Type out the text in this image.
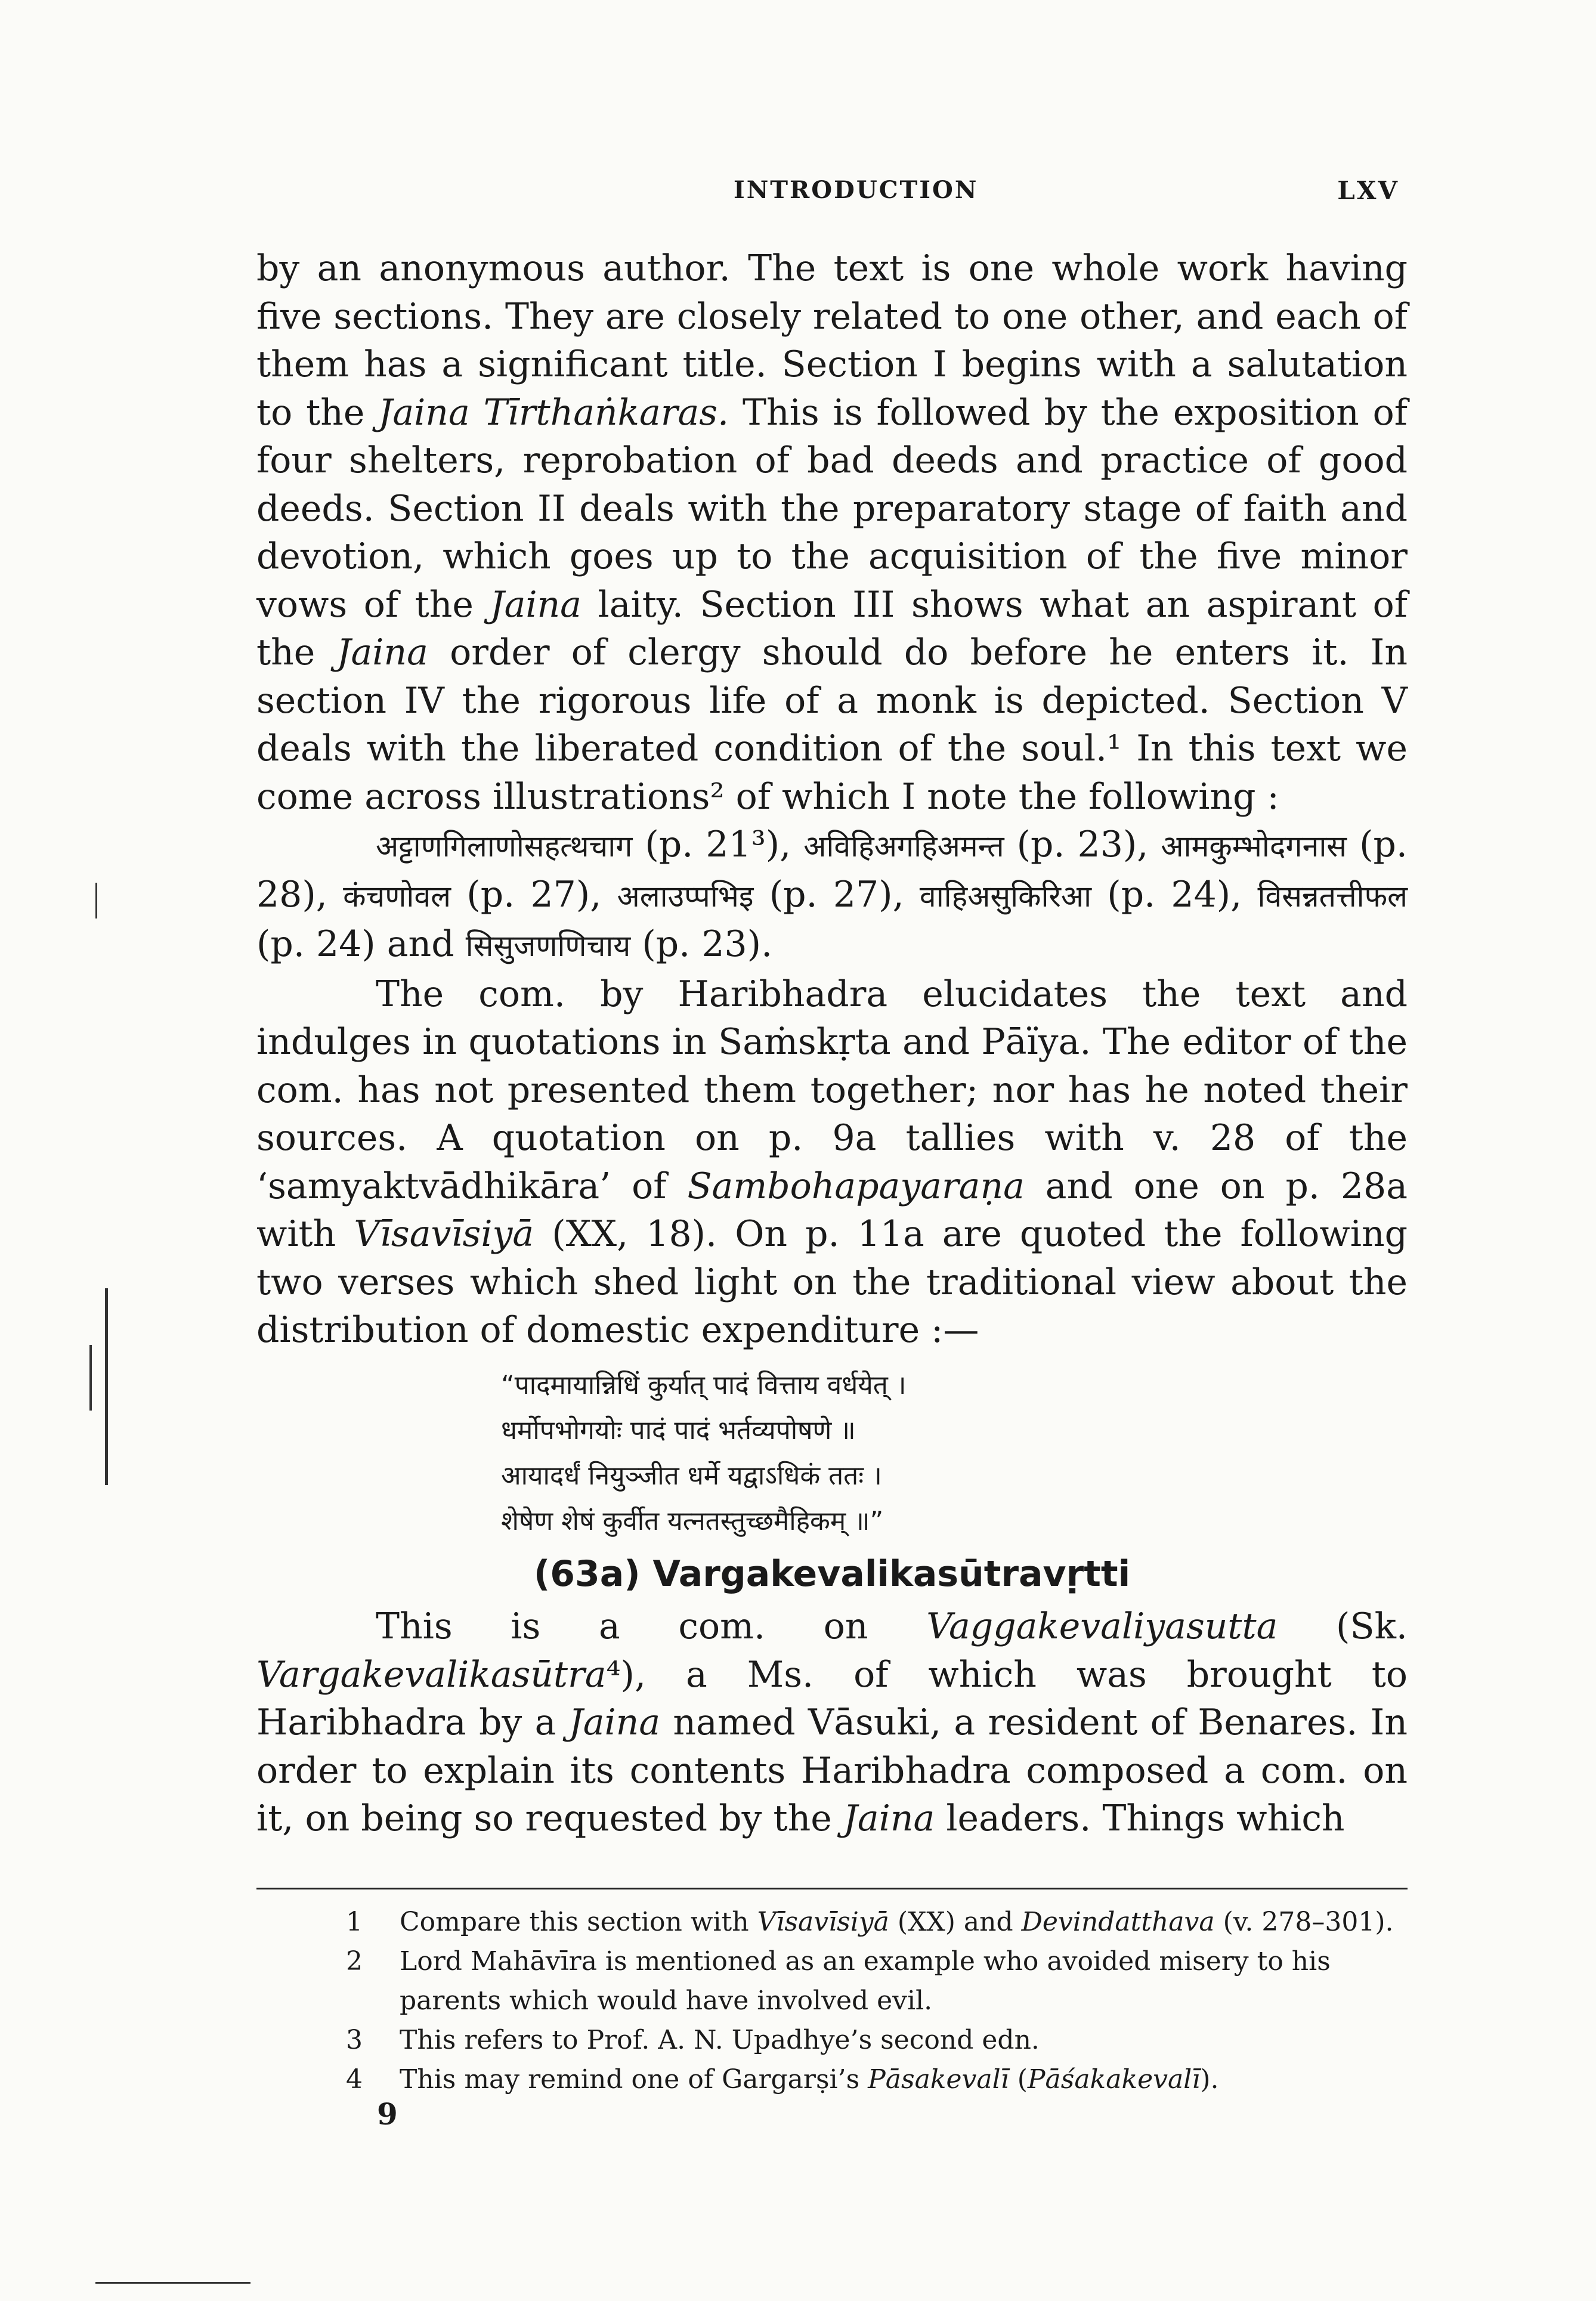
INTRODUCTION	LXV

by an anonymous author. The text is one whole work having five sections. They are closely related to one other, and each of them has a significant title. Section I begins with a salutation to the Jaina Tīrthaṅkaras. This is followed by the exposition of four shelters, reprobation of bad deeds and practice of good deeds. Section II deals with the preparatory stage of faith and devotion, which goes up to the acquisition of the five minor vows of the Jaina laity. Section III shows what an aspirant of the Jaina order of clergy should do before he enters it. In section IV the rigorous life of a monk is depicted. Section V deals with the liberated condition of the soul.¹ In this text we come across illustrations² of which I note the following :

अट्टाणगिलाणोसहत्थचाग (p. 21³), अविहिअगहिअमन्त (p. 23), आमकुम्भोदगनास (p. 28), कंचणोवल (p. 27), अलाउप्पभिइ (p. 27), वाहिअसुकिरिआ (p. 24), विसन्नतत्तीफल (p. 24) and सिसुजणणिचाय (p. 23).

The com. by Haribhadra elucidates the text and indulges in quotations in Saṁskṛta and Pāïya. The editor of the com. has not presented them together; nor has he noted their sources. A quotation on p. 9a tallies with v. 28 of the ‘samyaktvādhikāra’ of Sambohapayaraṇa and one on p. 28a with Vīsavīsiyā (XX, 18). On p. 11a are quoted the following two verses which shed light on the traditional view about the distribution of domestic expenditure :—

“पादमायान्निधिं कुर्यात् पादं वित्ताय वर्धयेत् ।
धर्मोपभोगयोः पादं पादं भर्तव्यपोषणे ॥
आयादर्धं नियुञ्जीत धर्मे यद्वाऽधिकं ततः ।
शेषेण शेषं कुर्वीत यत्नतस्तुच्छमैहिकम् ॥”
(63a) Vargakevalikasūtravṛtti

This is a com. on Vaggakevaliyasutta (Sk. Vargakevalikasūtra⁴), a Ms. of which was brought to Haribhadra by a Jaina named Vāsuki, a resident of Benares. In order to explain its contents Haribhadra composed a com. on it, on being so requested by the Jaina leaders. Things which

1 Compare this section with Vīsavīsiyā (XX) and Devindatthava (v. 278–301).
2 Lord Mahāvīra is mentioned as an example who avoided misery to his parents which would have involved evil.
3 This refers to Prof. A. N. Upadhye’s second edn.
4 This may remind one of Gargarṣi’s Pāsakevalī (Pāśakakevalī).
9
